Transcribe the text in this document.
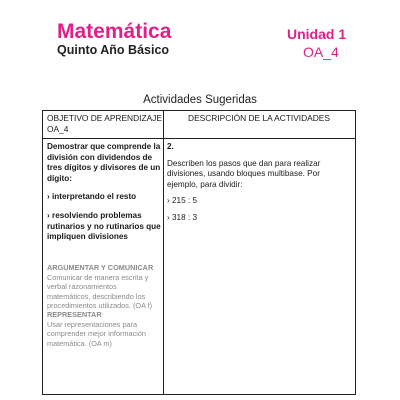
Matemática
Quinto Año Básico
Unidad 1
OA_4
Actividades Sugeridas
OBJETIVO DE APRENDIZAJE OA_4
DESCRIPCIÓN DE LA ACTIVIDADES

Demostrar que comprende la división con dividendos de tres dígitos y divisores de un dígito:

› interpretando el resto

› resolviendo problemas rutinarios y no rutinarios que impliquen divisiones

ARGUMENTAR Y COMUNICAR
Comunicar de manera escrita y verbal razonamientos matemáticos, describiendo los procedimientos utilizados. (OA f)
REPRESENTAR
Usar representaciones para comprender mejor información matemática. (OA m)

2.

Describen los pasos que dan para realizar divisiones, usando bloques multibase. Por ejemplo, para dividir:

› 215 : 5

› 318 : 3
